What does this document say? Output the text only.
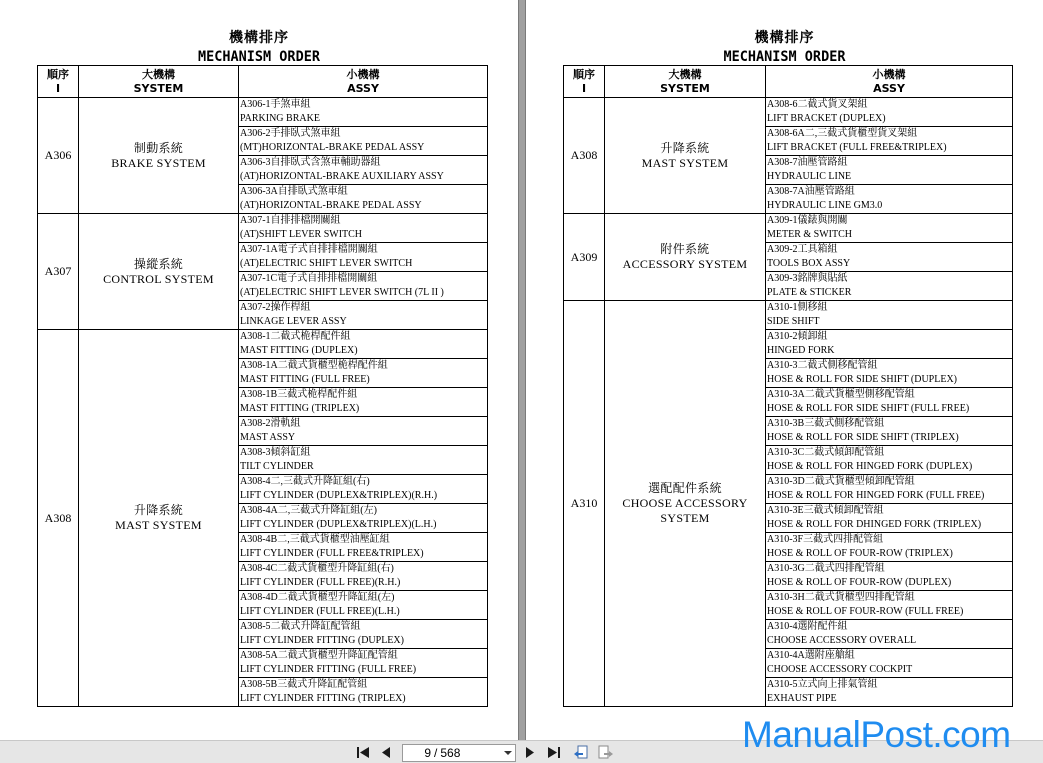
機構排序
MECHANISM ORDER
順序
I	大機構
SYSTEM	小機構
ASSY

A306	制動系統
BRAKE SYSTEM	A306-1手煞車組
PARKING BRAKE

		A306-2手排臥式煞車組
(MT)HORIZONTAL-BRAKE PEDAL ASSY

		A306-3自排臥式含煞車輔助器組
(AT)HORIZONTAL-BRAKE AUXILIARY ASSY

		A306-3A自排臥式煞車組
(AT)HORIZONTAL-BRAKE PEDAL ASSY

A307	操縱系統
CONTROL SYSTEM	A307-1自排排檔開關組
(AT)SHIFT LEVER SWITCH

		A307-1A電子式自排排檔開關組
(AT)ELECTRIC SHIFT LEVER SWITCH

		A307-1C電子式自排排檔開關組
(AT)ELECTRIC SHIFT LEVER SWITCH (7L II )

		A307-2操作桿組
LINKAGE LEVER ASSY

A308	升降系統
MAST SYSTEM	A308-1二截式桅桿配件組
MAST FITTING (DUPLEX)

		A308-1A二截式貨櫃型桅桿配件組
MAST FITTING (FULL FREE)

		A308-1B三截式桅桿配件組
MAST FITTING (TRIPLEX)

		A308-2滑軌組
MAST ASSY

		A308-3傾斜缸組
TILT CYLINDER

		A308-4二,三截式升降缸組(右)
LIFT CYLINDER (DUPLEX&TRIPLEX)(R.H.)

		A308-4A二,三截式升降缸組(左)
LIFT CYLINDER (DUPLEX&TRIPLEX)(L.H.)

		A308-4B二,三截式貨櫃型油壓缸組
LIFT CYLINDER (FULL FREE&TRIPLEX)

		A308-4C二截式貨櫃型升降缸組(右)
LIFT CYLINDER (FULL FREE)(R.H.)

		A308-4D二截式貨櫃型升降缸組(左)
LIFT CYLINDER (FULL FREE)(L.H.)

		A308-5二截式升降缸配管組
LIFT CYLINDER FITTING (DUPLEX)

		A308-5A二截式貨櫃型升降缸配管組
LIFT CYLINDER FITTING (FULL FREE)

		A308-5B三截式升降缸配管組
LIFT CYLINDER FITTING (TRIPLEX)
機構排序
MECHANISM ORDER
順序
I	大機構
SYSTEM	小機構
ASSY

A308	升降系統
MAST SYSTEM	A308-6二截式貨叉架組
LIFT BRACKET (DUPLEX)

		A308-6A二,三截式貨櫃型貨叉架組
LIFT BRACKET (FULL FREE&TRIPLEX)

		A308-7油壓管路組
HYDRAULIC LINE

		A308-7A油壓管路組
HYDRAULIC LINE GM3.0

A309	附件系統
ACCESSORY SYSTEM	A309-1儀錶與開關
METER & SWITCH

		A309-2工具箱組
TOOLS BOX ASSY

		A309-3銘牌與貼紙
PLATE & STICKER

A310	選配配件系統
CHOOSE ACCESSORY
SYSTEM	A310-1側移組
SIDE SHIFT

		A310-2傾卸組
HINGED FORK

		A310-3二截式側移配管組
HOSE & ROLL FOR SIDE SHIFT (DUPLEX)

		A310-3A二截式貨櫃型側移配管組
HOSE & ROLL FOR SIDE SHIFT (FULL FREE)

		A310-3B三截式側移配管組
HOSE & ROLL FOR SIDE SHIFT (TRIPLEX)

		A310-3C二截式傾卸配管組
HOSE & ROLL FOR HINGED FORK (DUPLEX)

		A310-3D二截式貨櫃型傾卸配管組
HOSE & ROLL FOR HINGED FORK (FULL FREE)

		A310-3E三截式傾卸配管組
HOSE & ROLL FOR DHINGED FORK (TRIPLEX)

		A310-3F三截式四排配管組
HOSE & ROLL OF FOUR-ROW (TRIPLEX)

		A310-3G二截式四排配管組
HOSE & ROLL OF FOUR-ROW (DUPLEX)

		A310-3H二截式貨櫃型四排配管組
HOSE & ROLL OF FOUR-ROW (FULL FREE)

		A310-4選附配件組
CHOOSE ACCESSORY OVERALL

		A310-4A選附座艙組
CHOOSE ACCESSORY COCKPIT

		A310-5立式向上排氣管組
EXHAUST PIPE
9
/ 568	ManualPost.com
